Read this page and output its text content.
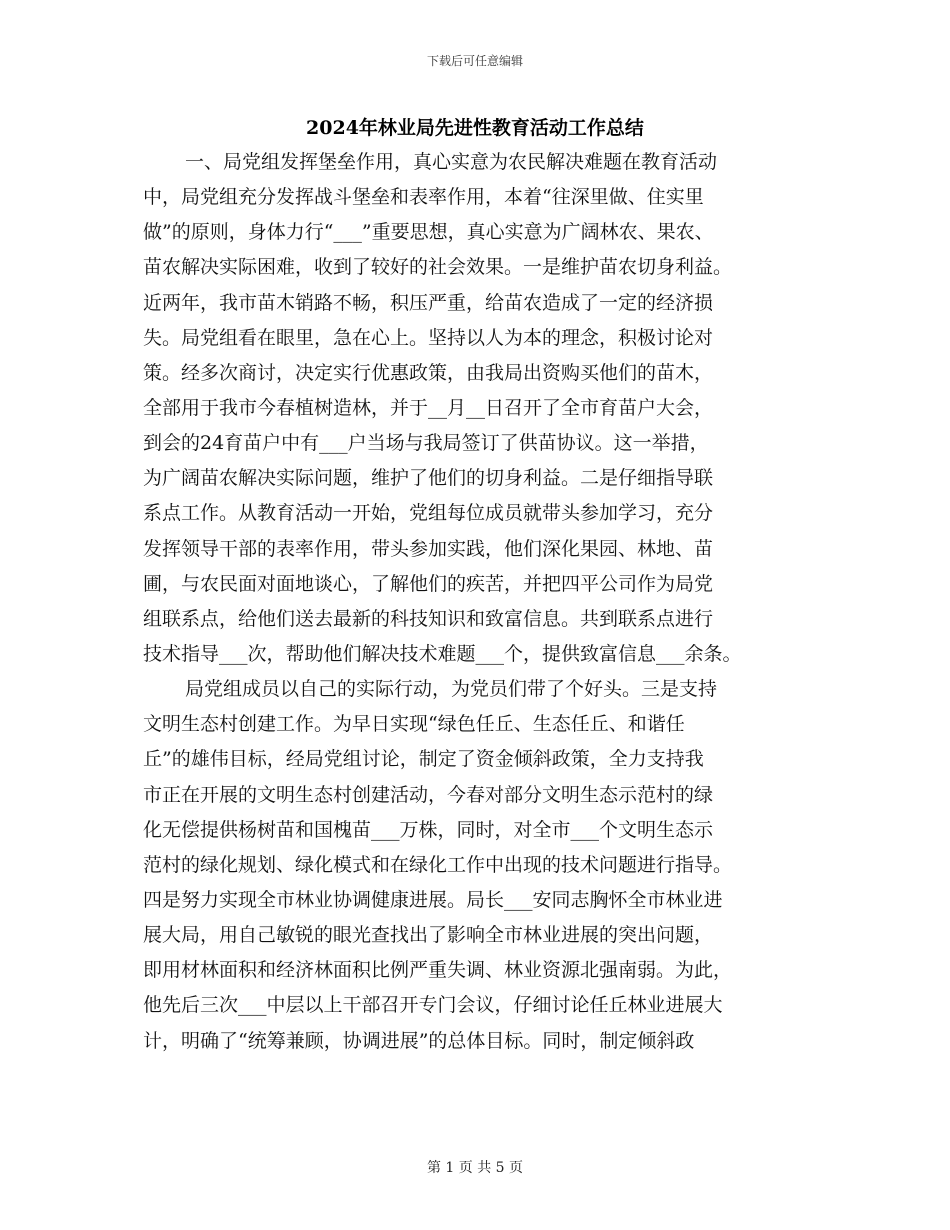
下载后可任意编辑
2024年林业局先进性教育活动工作总结
一、局党组发挥堡垒作用，真心实意为农民解决难题在教育活动
中，局党组充分发挥战斗堡垒和表率作用，本着“往深里做、住实里
做”的原则，身体力行“___”重要思想，真心实意为广阔林农、果农、
苗农解决实际困难，收到了较好的社会效果。一是维护苗农切身利益。
近两年，我市苗木销路不畅，积压严重，给苗农造成了一定的经济损
失。局党组看在眼里，急在心上。坚持以人为本的理念，积极讨论对
策。经多次商讨，决定实行优惠政策，由我局出资购买他们的苗木，
全部用于我市今春植树造林，并于__月__日召开了全市育苗户大会，
到会的24育苗户中有___户当场与我局签订了供苗协议。这一举措，
为广阔苗农解决实际问题，维护了他们的切身利益。二是仔细指导联
系点工作。从教育活动一开始，党组每位成员就带头参加学习，充分
发挥领导干部的表率作用，带头参加实践，他们深化果园、林地、苗
圃，与农民面对面地谈心，了解他们的疾苦，并把四平公司作为局党
组联系点，给他们送去最新的科技知识和致富信息。共到联系点进行
技术指导___次，帮助他们解决技术难题___个，提供致富信息___余条。
局党组成员以自己的实际行动，为党员们带了个好头。三是支持
文明生态村创建工作。为早日实现“绿色任丘、生态任丘、和谐任
丘”的雄伟目标，经局党组讨论，制定了资金倾斜政策，全力支持我
市正在开展的文明生态村创建活动，今春对部分文明生态示范村的绿
化无偿提供杨树苗和国槐苗___万株，同时，对全市___个文明生态示
范村的绿化规划、绿化模式和在绿化工作中出现的技术问题进行指导。
四是努力实现全市林业协调健康进展。局长___安同志胸怀全市林业进
展大局，用自己敏锐的眼光查找出了影响全市林业进展的突出问题，
即用材林面积和经济林面积比例严重失调、林业资源北强南弱。为此，
他先后三次___中层以上干部召开专门会议，仔细讨论任丘林业进展大
计，明确了“统筹兼顾，协调进展”的总体目标。同时，制定倾斜政
第 1 页 共 5 页
